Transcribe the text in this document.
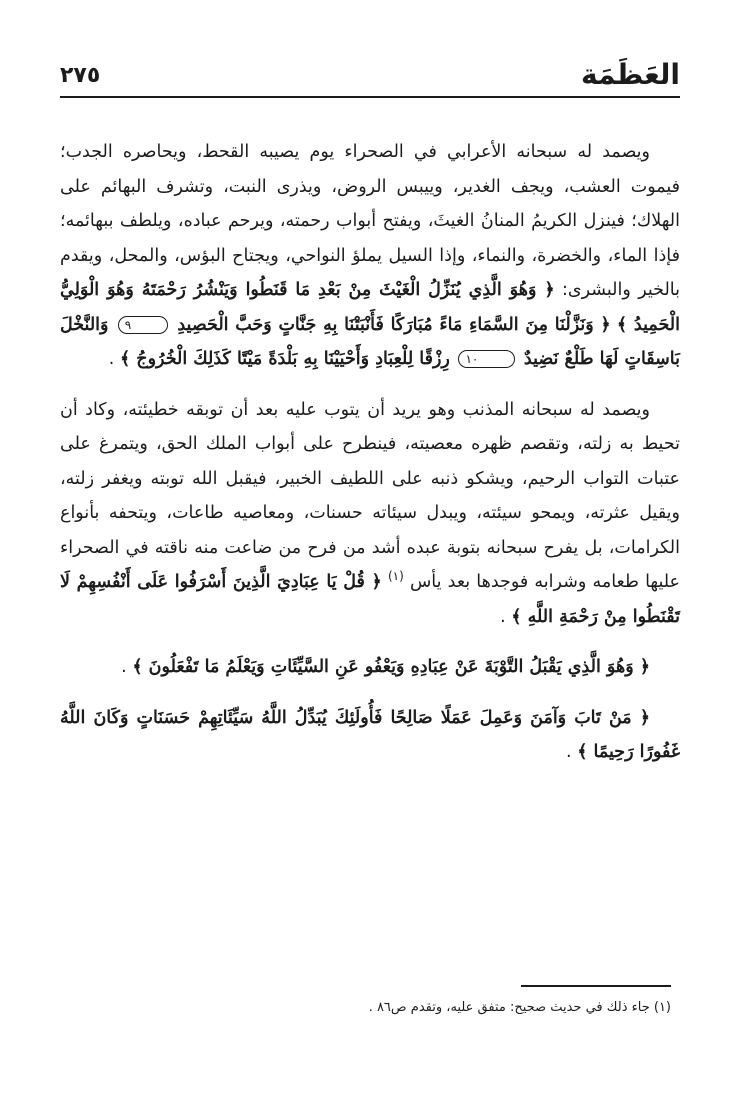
العَظَمَة
٢٧٥

ويصمد له سبحانه الأعرابي في الصحراء يوم يصيبه القحط، ويحاصره الجدب؛ فيموت العشب، ويجف الغدير، وييبس الروض، ويذرى النبت، وتشرف البهائم على الهلاك؛ فينزل الكريمُ المنانُ الغيثَ، ويفتح أبواب رحمته، ويرحم عباده، ويلطف ببهائمه؛ فإذا الماء، والخضرة، والنماء، وإذا السيل يملؤ النواحي، ويجتاح البؤس، والمحل، ويقدم بالخير والبشرى: ﴿ وَهُوَ الَّذِي يُنَزِّلُ الْغَيْثَ مِنْ بَعْدِ مَا قَنَطُوا وَيَنْشُرُ رَحْمَتَهُ وَهُوَ الْوَلِيُّ الْحَمِيدُ ﴾ ﴿ وَنَزَّلْنَا مِنَ السَّمَاءِ مَاءً مُبَارَكًا فَأَنْبَتْنَا بِهِ جَنَّاتٍ وَحَبَّ الْحَصِيدِ ٩ وَالنَّخْلَ بَاسِقَاتٍ لَهَا طَلْعٌ نَضِيدٌ ١٠ رِزْقًا لِلْعِبَادِ وَأَحْيَيْنَا بِهِ بَلْدَةً مَيْتًا كَذَلِكَ الْخُرُوجُ ﴾ .

ويصمد له سبحانه المذنب وهو يريد أن يتوب عليه بعد أن توبقه خطيئته، وكاد أن تحيط به زلته، وتقصم ظهره معصيته، فينطرح على أبواب الملك الحق، ويتمرغ على عتبات التواب الرحيم، ويشكو ذنبه على اللطيف الخبير، فيقبل الله توبته ويغفر زلته، ويقيل عثرته، ويمحو سيئته، ويبدل سيئاته حسنات، ومعاصيه طاعات، ويتحفه بأنواع الكرامات، بل يفرح سبحانه بتوبة عبده أشد من فرح من ضاعت منه ناقته في الصحراء عليها طعامه وشرابه فوجدها بعد يأس $^{(١)}$ ﴿ قُلْ يَا عِبَادِيَ الَّذِينَ أَسْرَفُوا عَلَى أَنْفُسِهِمْ لَا تَقْنَطُوا مِنْ رَحْمَةِ اللَّهِ ﴾ .

﴿ وَهُوَ الَّذِي يَقْبَلُ التَّوْبَةَ عَنْ عِبَادِهِ وَيَعْفُو عَنِ السَّيِّئَاتِ وَيَعْلَمُ مَا تَفْعَلُونَ ﴾ .

﴿ مَنْ تَابَ وَآمَنَ وَعَمِلَ عَمَلًا صَالِحًا فَأُولَئِكَ يُبَدِّلُ اللَّهُ سَيِّئَاتِهِمْ حَسَنَاتٍ وَكَانَ اللَّهُ غَفُورًا رَحِيمًا ﴾ .

(١) جاء ذلك في حديث صحيح: متفق عليه، وتقدم ص٨٦ .
